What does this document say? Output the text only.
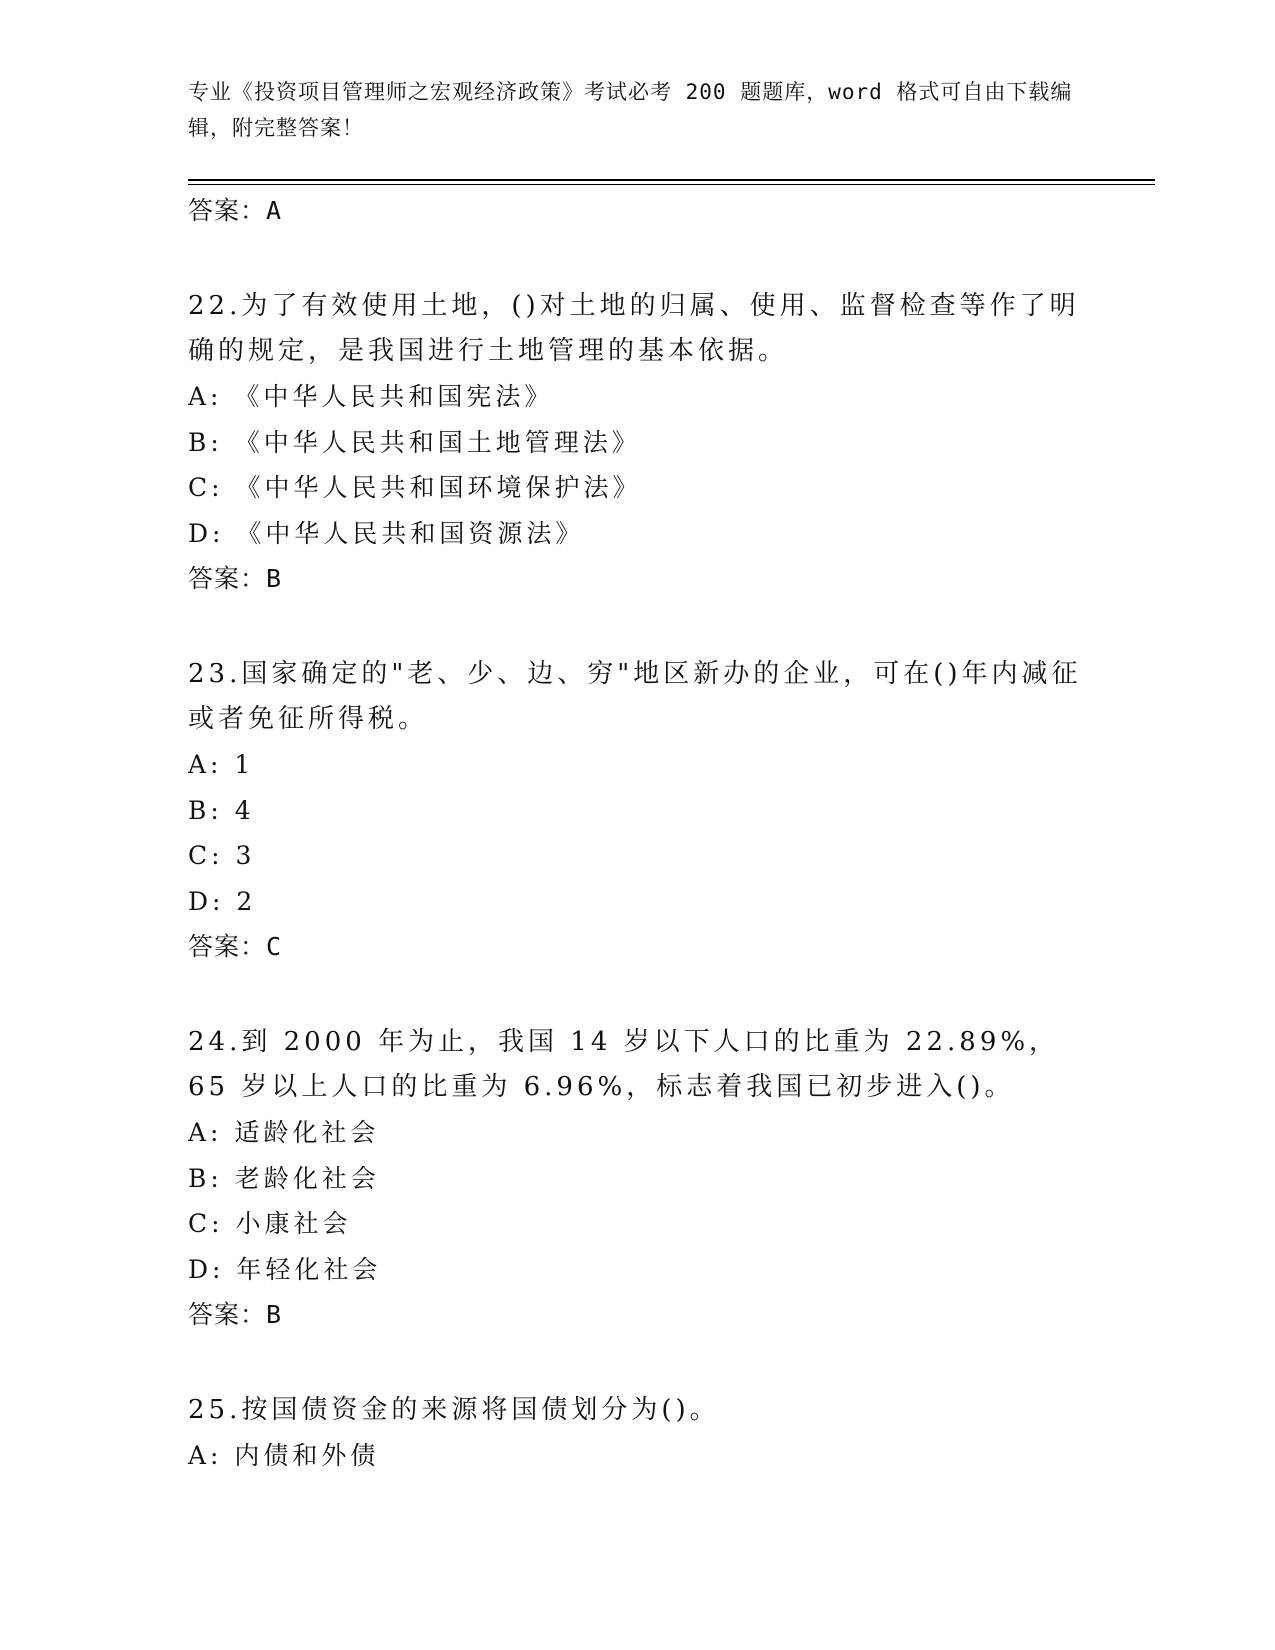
专业《投资项目管理师之宏观经济政策》考试必考 200 题题库，word 格式可自由下载编辑，附完整答案！
答案：A

22.为了有效使用土地，()对土地的归属、使用、监督检查等作了明确的规定，是我国进行土地管理的基本依据。

A: 《中华人民共和国宪法》
B: 《中华人民共和国土地管理法》
C: 《中华人民共和国环境保护法》
D: 《中华人民共和国资源法》
答案：B

23.国家确定的"老、少、边、穷"地区新办的企业，可在()年内减征或者免征所得税。

A: 1
B: 4
C: 3
D: 2
答案：C

24.到 2000 年为止，我国 14 岁以下人口的比重为 22.89%，65 岁以上人口的比重为 6.96%，标志着我国已初步进入()。

A: 适龄化社会
B: 老龄化社会
C: 小康社会
D: 年轻化社会
答案：B

25.按国债资金的来源将国债划分为()。

A: 内债和外债
